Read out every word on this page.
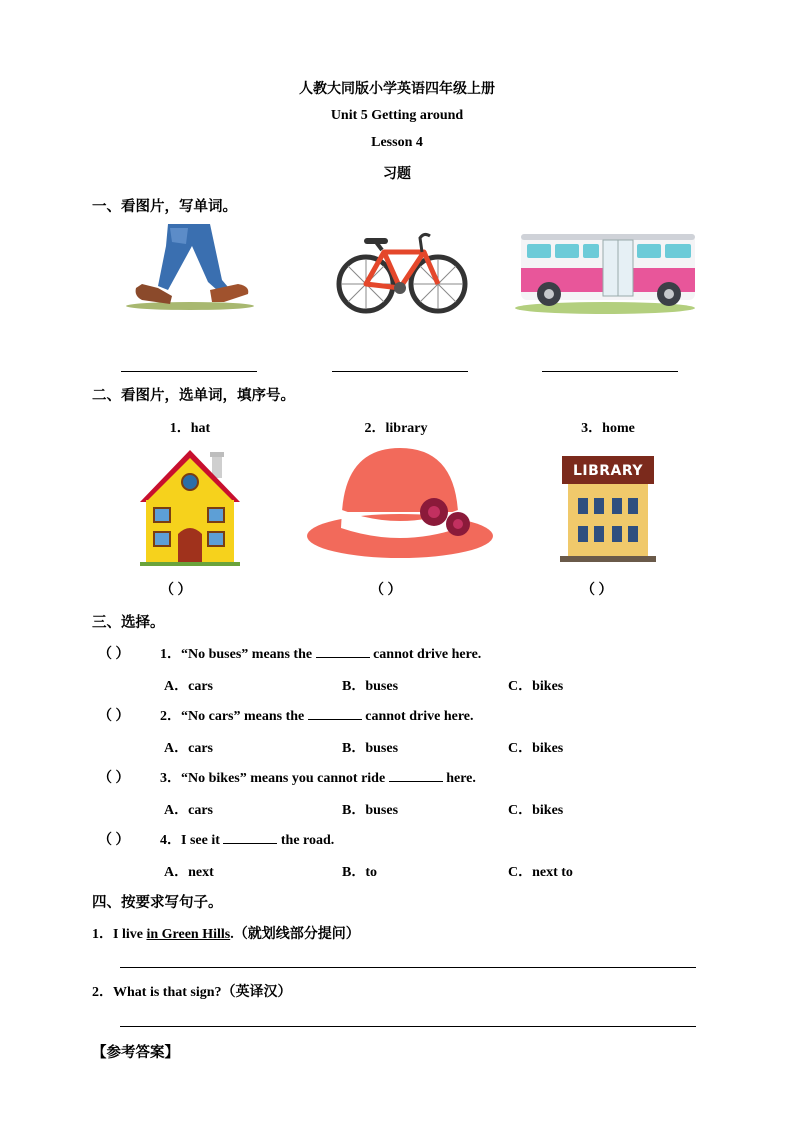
人教大同版小学英语四年级上册
Unit 5 Getting around
Lesson 4
习题
一、看图片，写单词。
二、看图片，选单词，填序号。
1．hat	2．library	3．home
LIBRARY
（ ）	（ ）	（ ）
三、选择。
（ ） 1．“No buses” means the	cannot drive here.
A．cars	B．buses	C．bikes
（ ） 2．“No cars” means the	cannot drive here.
A．cars	B．buses	C．bikes
（ ） 3．“No bikes” means you cannot ride	here.
A．cars	B．buses	C．bikes
（ ） 4．I see it	the road.
A．next	B．to	C．next to
四、按要求写句子。
1．I live in Green Hills.（就划线部分提问）
2．What is that sign?（英译汉）
【参考答案】
